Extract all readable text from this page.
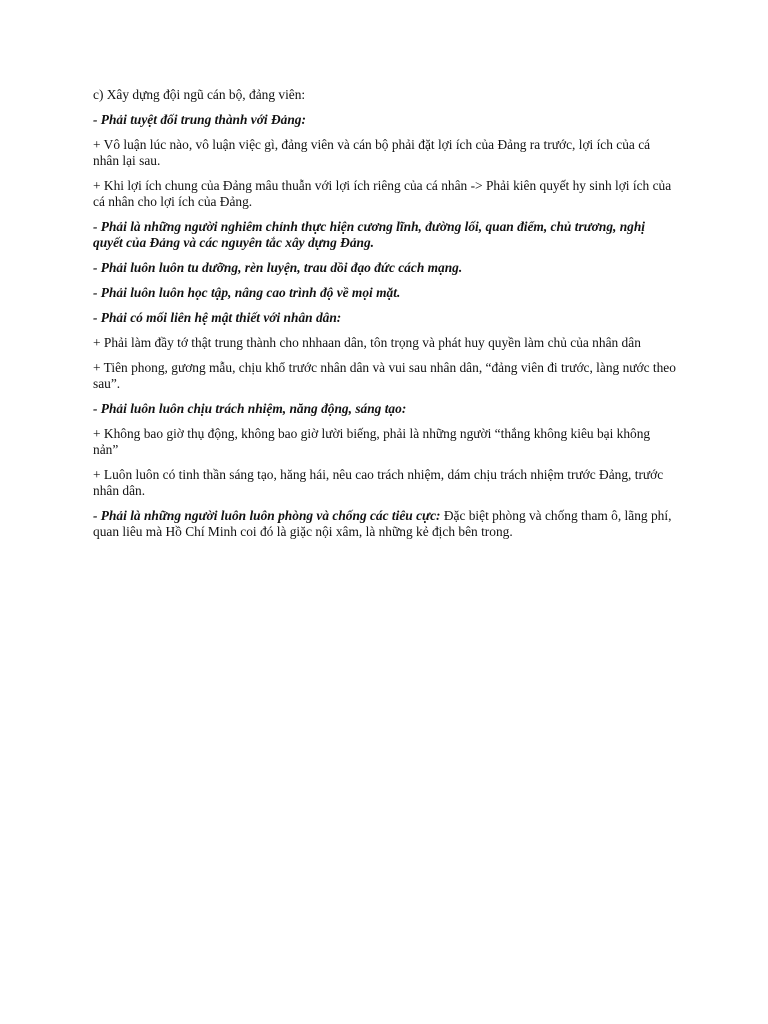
c) Xây dựng đội ngũ cán bộ, đảng viên:

- Phải tuyệt đối trung thành với Đảng:

+ Vô luận lúc nào, vô luận việc gì, đảng viên và cán bộ phải đặt lợi ích của Đảng ra trước, lợi ích của cá nhân lại sau.

+ Khi lợi ích chung của Đảng mâu thuẫn với lợi ích riêng của cá nhân -> Phải kiên quyết hy sinh lợi ích của cá nhân cho lợi ích của Đảng.

- Phải là những người nghiêm chỉnh thực hiện cương lĩnh, đường lối, quan điểm, chủ trương, nghị quyết của Đảng và các nguyên tắc xây dựng Đảng.

- Phải luôn luôn tu dưỡng, rèn luyện, trau dồi đạo đức cách mạng.

- Phải luôn luôn học tập, nâng cao trình độ về mọi mặt.

- Phải có mối liên hệ mật thiết với nhân dân:

+ Phải làm đầy tớ thật trung thành cho nhhaan dân, tôn trọng và phát huy quyền làm chủ của nhân dân

+ Tiên phong, gương mẫu, chịu khổ trước nhân dân và vui sau nhân dân, “đảng viên đi trước, làng nước theo sau”.

- Phải luôn luôn chịu trách nhiệm, năng động, sáng tạo:

+ Không bao giờ thụ động, không bao giờ lười biếng, phải là những người “thắng không kiêu bại không nản”

+ Luôn luôn có tinh thần sáng tạo, hăng hái, nêu cao trách nhiệm, dám chịu trách nhiệm trước Đảng, trước nhân dân.

- Phải là những người luôn luôn phòng và chống các tiêu cực: Đặc biệt phòng và chống tham ô, lãng phí, quan liêu mà Hồ Chí Minh coi đó là giặc nội xâm, là những kẻ địch bên trong.
